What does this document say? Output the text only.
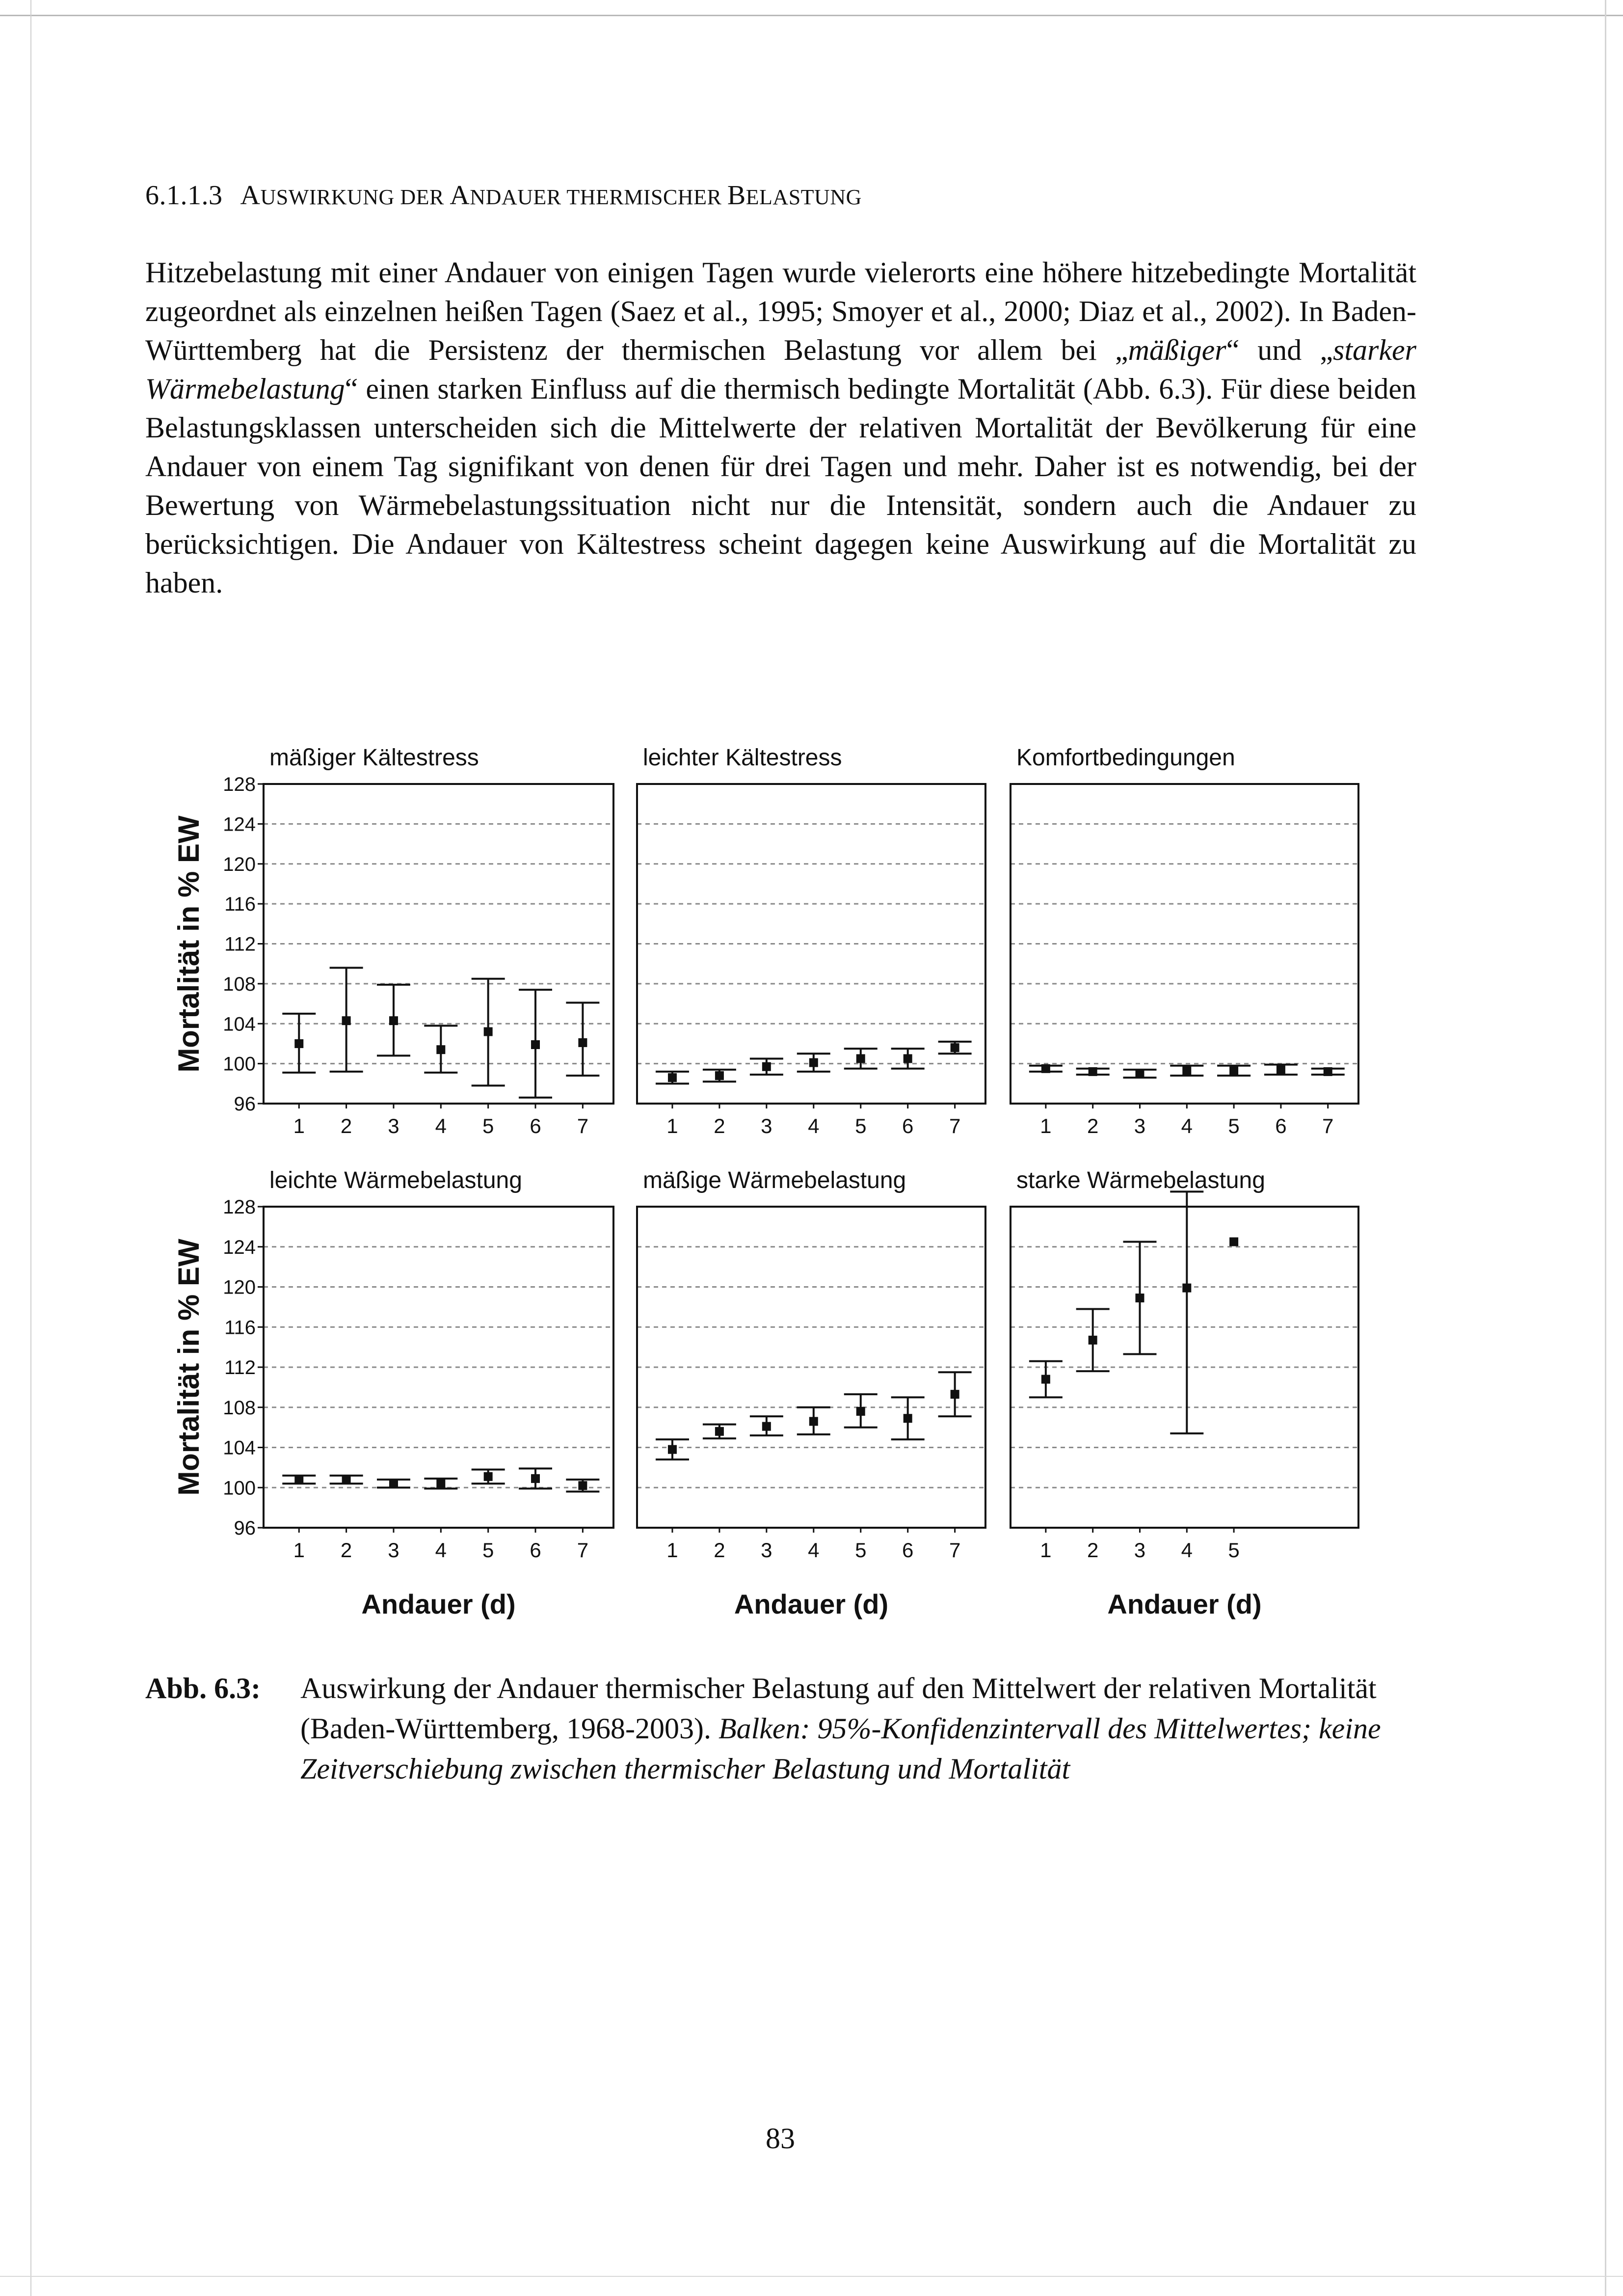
6.1.1.3 AUSWIRKUNG DER ANDAUER THERMISCHER BELASTUNG

Hitzebelastung mit einer Andauer von einigen Tagen wurde vielerorts eine höhere hitzebedingte Mortalität zugeordnet als einzelnen heißen Tagen (Saez et al., 1995; Smoyer et al., 2000; Diaz et al., 2002). In Baden-Württemberg hat die Persistenz der thermischen Belastung vor allem bei „mäßiger“ und „starker Wärmebelastung“ einen starken Einfluss auf die thermisch bedingte Mortalität (Abb. 6.3). Für diese beiden Belastungsklassen unterscheiden sich die Mittelwerte der relativen Mortalität der Bevölkerung für eine Andauer von einem Tag signifikant von denen für drei Tagen und mehr. Daher ist es notwendig, bei der Bewertung von Wärmebelastungssituation nicht nur die Intensität, sondern auch die Andauer zu berücksichtigen. Die Andauer von Kältestress scheint dagegen keine Auswirkung auf die Mortalität zu haben.

mäßiger Kältestress
96
100
104
108
112
116
120
124
128
Mortalität in % EW
1 2 3 4 5 6 7
leichter Kältestress
1 2 3 4 5 6 7
Komfortbedingungen
1 2 3 4 5 6 7
leichte Wärmebelastung
96
100
104
108
112
116
120
124
128
Mortalität in % EW
1 2 3 4 5 6 7
Andauer (d)
mäßige Wärmebelastung
1 2 3 4 5 6 7
Andauer (d)
starke Wärmebelastung
1 2 3 4 5
Andauer (d)
Abb. 6.3: Auswirkung der Andauer thermischer Belastung auf den Mittelwert der relativen Mortalität (Baden-Württemberg, 1968-2003). Balken: 95%-Konfidenzintervall des Mittelwertes; keine Zeitverschiebung zwischen thermischer Belastung und Mortalität
83
